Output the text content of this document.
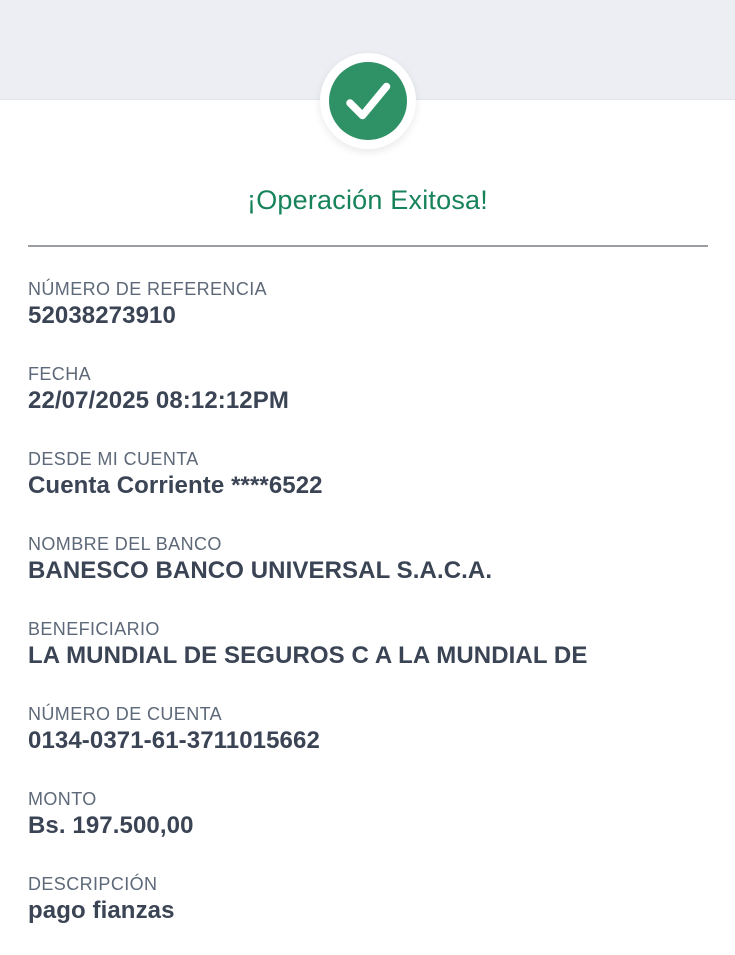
¡Operación Exitosa!
NÚMERO DE REFERENCIA
52038273910
FECHA
22/07/2025 08:12:12PM
DESDE MI CUENTA
Cuenta Corriente ****6522
NOMBRE DEL BANCO
BANESCO BANCO UNIVERSAL S.A.C.A.
BENEFICIARIO
LA MUNDIAL DE SEGUROS C A LA MUNDIAL DE
NÚMERO DE CUENTA
0134-0371-61-3711015662
MONTO
Bs. 197.500,00
DESCRIPCIÓN
pago fianzas
